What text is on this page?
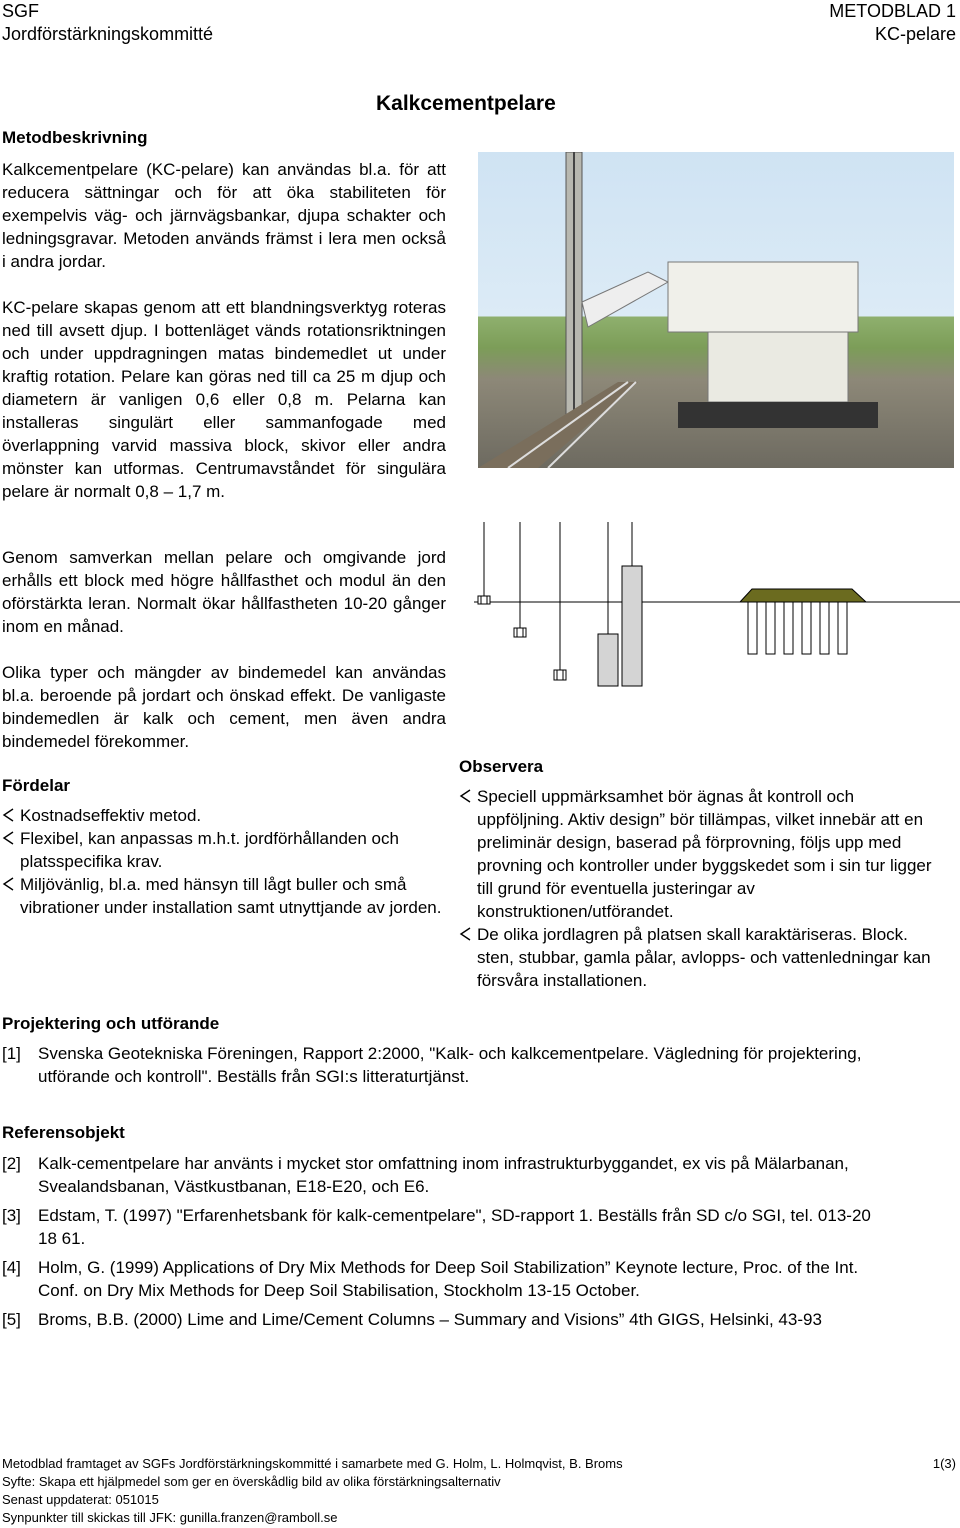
SGF
Jordförstärkningskommitté
METODBLAD 1
KC-pelare
Kalkcementpelare
Metodbeskrivning
Kalkcementpelare (KC-pelare) kan användas bl.a. för att reducera sättningar och för att öka stabiliteten för exempelvis väg- och järnvägsbankar, djupa schakter och ledningsgravar. Metoden används främst i lera men också i andra jordar.
KC-pelare skapas genom att ett blandningsverktyg roteras ned till avsett djup. I bottenläget vänds rotationsriktningen och under uppdragningen matas bindemedlet ut under kraftig rotation. Pelare kan göras ned till ca 25 m djup och diametern är vanligen 0,6 eller 0,8 m. Pelarna kan installeras singulärt eller sammanfogade med överlappning varvid massiva block, skivor eller andra mönster kan utformas. Centrumavståndet för singulära pelare är normalt 0,8 – 1,7 m.
Genom samverkan mellan pelare och omgivande jord erhålls ett block med högre hållfasthet och modul än den oförstärkta leran. Normalt ökar hållfastheten 10-20 gånger inom en månad.
Olika typer och mängder av bindemedel kan användas bl.a. beroende på jordart och önskad effekt. De vanligaste bindemedlen är kalk och cement, men även andra bindemedel förekommer.
Fördelar
Kostnadseffektiv metod.
Flexibel, kan anpassas m.h.t. jordförhållanden och platsspecifika krav.
Miljövänlig, bl.a. med hänsyn till lågt buller och små vibrationer under installation samt utnyttjande av jorden.
Observera
Speciell uppmärksamhet bör ägnas åt kontroll och uppföljning. Aktiv design” bör tillämpas, vilket innebär att en preliminär design, baserad på förprovning, följs upp med provning och kontroller under byggskedet som i sin tur ligger till grund för eventuella justeringar av konstruktionen/utförandet.
De olika jordlagren på platsen skall karaktäriseras. Block. sten, stubbar, gamla pålar, avlopps- och vattenledningar kan försvåra installationen.
Projektering och utförande
[1] Svenska Geotekniska Föreningen, Rapport 2:2000, "Kalk- och kalkcementpelare. Vägledning för projektering, utförande och kontroll". Beställs från SGI:s litteraturtjänst.
Referensobjekt
[2] Kalk-cementpelare har använts i mycket stor omfattning inom infrastrukturbyggandet, ex vis på Mälarbanan, Svealandsbanan, Västkustbanan, E18-E20, och E6.
[3] Edstam, T. (1997) "Erfarenhetsbank för kalk-cementpelare", SD-rapport 1. Beställs från SD c/o SGI, tel. 013-20 18 61.
[4] Holm, G. (1999) Applications of Dry Mix Methods for Deep Soil Stabilization” Keynote lecture, Proc. of the Int. Conf. on Dry Mix Methods for Deep Soil Stabilisation, Stockholm 13-15 October.
[5] Broms, B.B. (2000) Lime and Lime/Cement Columns – Summary and Visions” 4th GIGS, Helsinki, 43-93
Metodblad framtaget av SGFs Jordförstärkningskommitté i samarbete med G. Holm, L. Holmqvist, B. Broms	1(3)
Syfte: Skapa ett hjälpmedel som ger en överskådlig bild av olika förstärkningsalternativ
Senast uppdaterat: 051015
Synpunkter till skickas till JFK: gunilla.franzen@ramboll.se
